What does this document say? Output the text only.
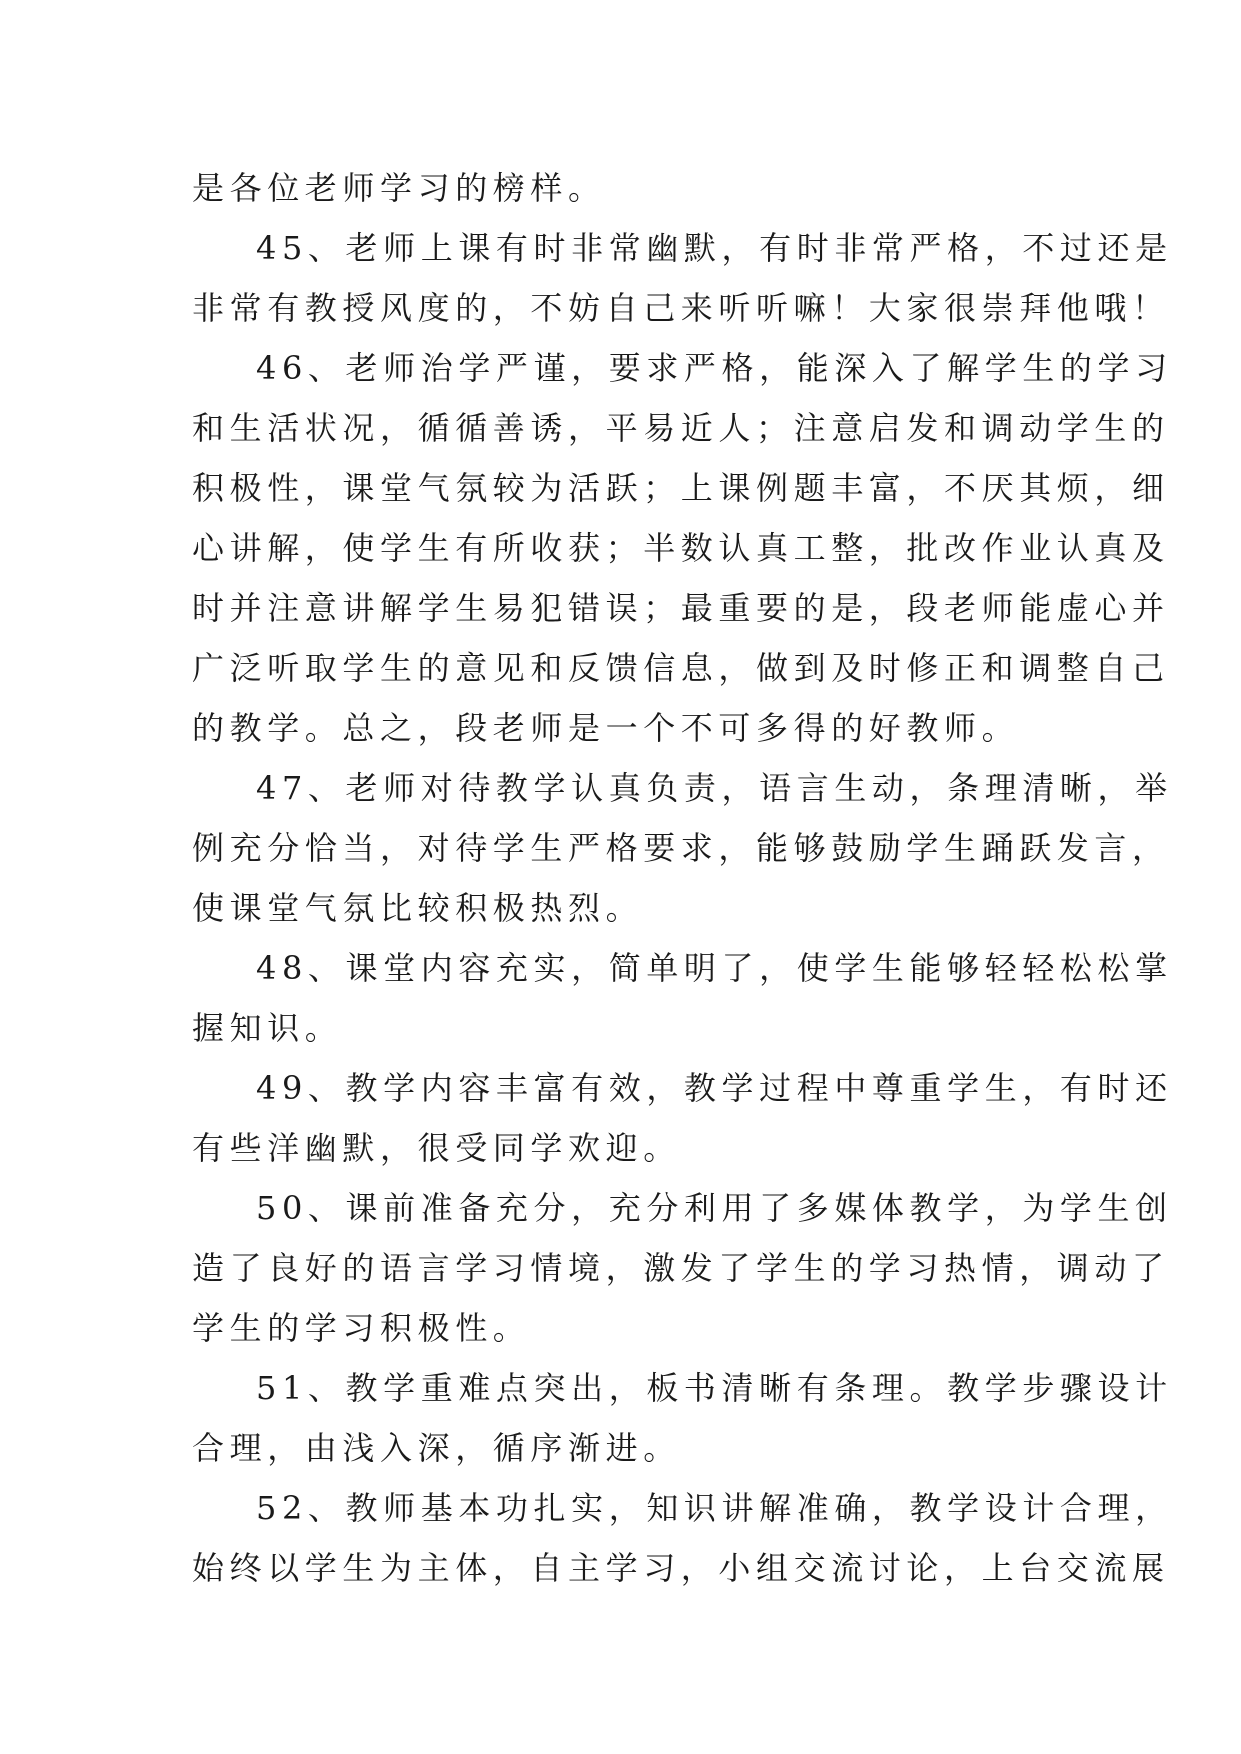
是各位老师学习的榜样。
45、老师上课有时非常幽默，有时非常严格，不过还是
非常有教授风度的，不妨自己来听听嘛！大家很崇拜他哦！
46、老师治学严谨，要求严格，能深入了解学生的学习
和生活状况，循循善诱，平易近人；注意启发和调动学生的
积极性，课堂气氛较为活跃；上课例题丰富，不厌其烦，细
心讲解，使学生有所收获；半数认真工整，批改作业认真及
时并注意讲解学生易犯错误；最重要的是，段老师能虚心并
广泛听取学生的意见和反馈信息，做到及时修正和调整自己
的教学。总之，段老师是一个不可多得的好教师。
47、老师对待教学认真负责，语言生动，条理清晰，举
例充分恰当，对待学生严格要求，能够鼓励学生踊跃发言，
使课堂气氛比较积极热烈。
48、课堂内容充实，简单明了，使学生能够轻轻松松掌
握知识。
49、教学内容丰富有效，教学过程中尊重学生，有时还
有些洋幽默，很受同学欢迎。
50、课前准备充分，充分利用了多媒体教学，为学生创
造了良好的语言学习情境，激发了学生的学习热情，调动了
学生的学习积极性。
51、教学重难点突出，板书清晰有条理。教学步骤设计
合理，由浅入深，循序渐进。
52、教师基本功扎实，知识讲解准确，教学设计合理，
始终以学生为主体，自主学习，小组交流讨论，上台交流展
